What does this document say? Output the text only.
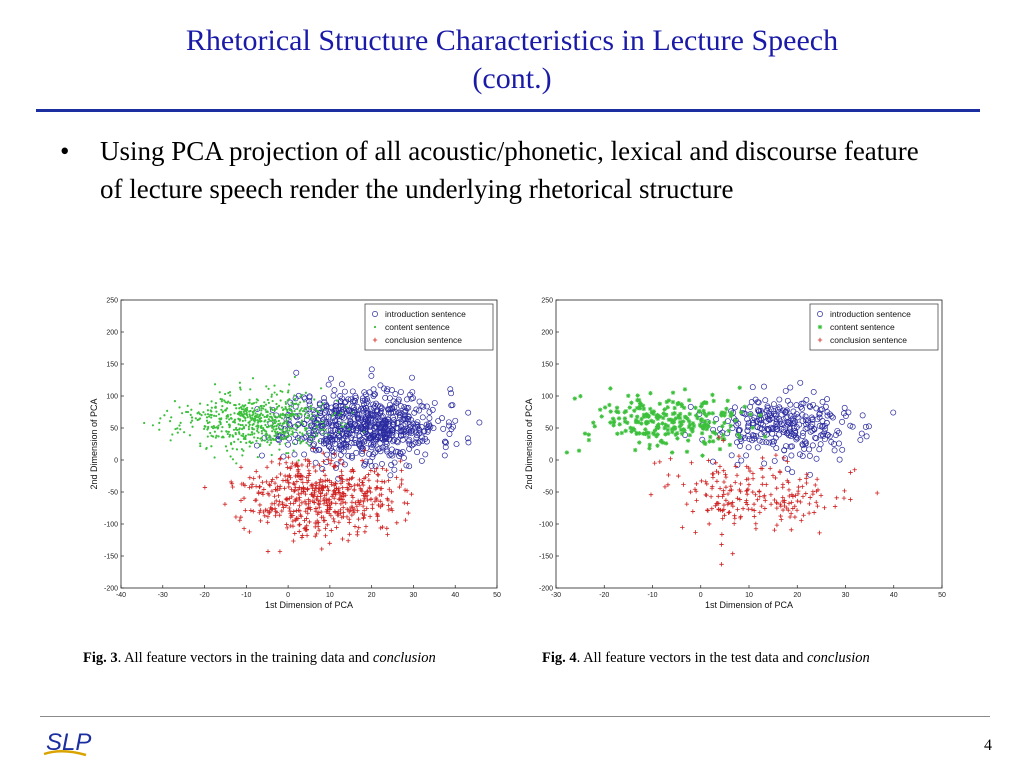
Rhetorical Structure Characteristics in Lecture Speech
(cont.)
• Using PCA projection of all acoustic/phonetic, lexical and discourse feature of lecture speech render the underlying rhetorical structure
-40	-30	-20	-10	0	10	20	30	40	50
250
200
150
100
50
0
-50
-100
-150
-200
1st Dimension of PCA
2nd Dimension of PCA
introduction sentence
content sentence
conclusion sentence
-30	-20	-10	0	10	20	30	40	50
250
200
150
100
50
0
-50
-100
-150
-200
1st Dimension of PCA
2nd Dimension of PCA
introduction sentence
content sentence
conclusion sentence
Fig. 3. All feature vectors in the training data and conclusion	Fig. 4. All feature vectors in the test data and conclusion
SLP	4
